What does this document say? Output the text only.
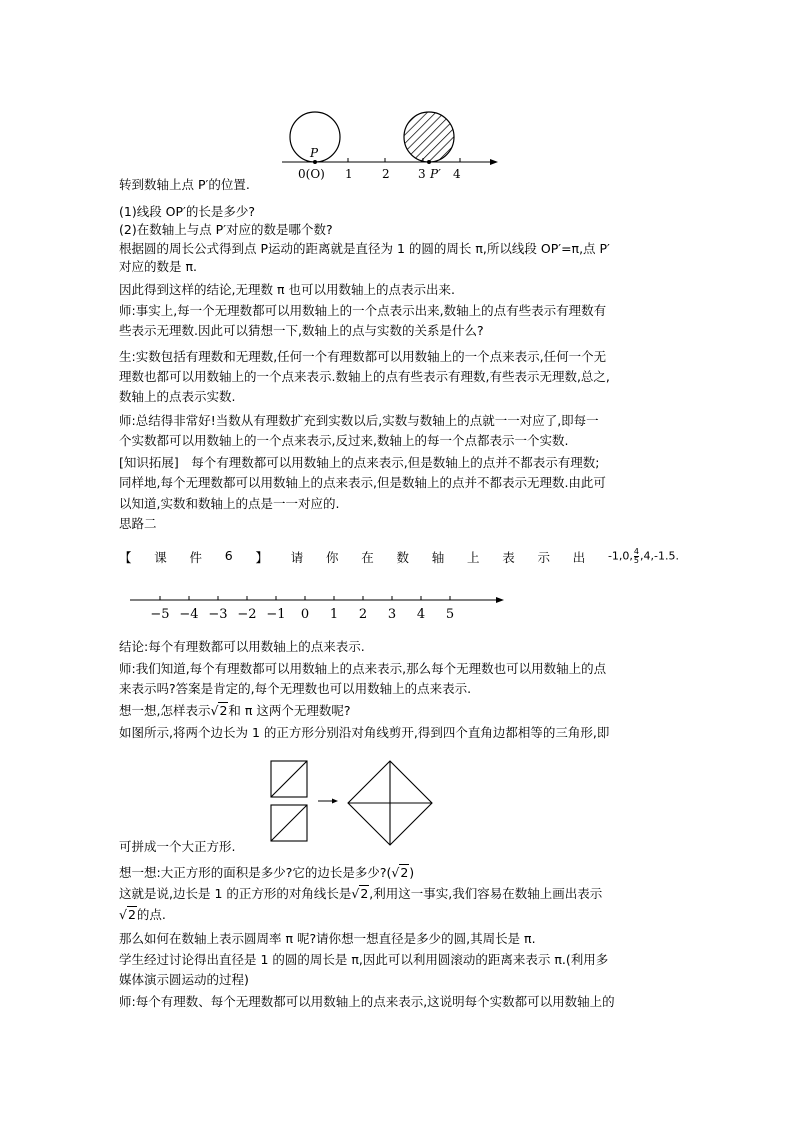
P
0(O) 1 2 3 P′ 4
转到数轴上点 P′的位置.
(1)线段 OP′的长是多少?
(2)在数轴上与点 P′对应的数是哪个数?
根据圆的周长公式得到点 P运动的距离就是直径为 1 的圆的周长 π,所以线段 OP′=π,点 P′
对应的数是 π.
因此得到这样的结论,无理数 π 也可以用数轴上的点表示出来.
师:事实上,每一个无理数都可以用数轴上的一个点表示出来,数轴上的点有些表示有理数有
些表示无理数.因此可以猜想一下,数轴上的点与实数的关系是什么?
生:实数包括有理数和无理数,任何一个有理数都可以用数轴上的一个点来表示,任何一个无
理数也都可以用数轴上的一个点来表示.数轴上的点有些表示有理数,有些表示无理数,总之,
数轴上的点表示实数.
师:总结得非常好!当数从有理数扩充到实数以后,实数与数轴上的点就一一对应了,即每一
个实数都可以用数轴上的一个点来表示,反过来,数轴上的每一个点都表示一个实数.
[知识拓展]　每个有理数都可以用数轴上的点来表示,但是数轴上的点并不都表示有理数;
同样地,每个无理数都可以用数轴上的点来表示,但是数轴上的点并不都表示无理数.由此可
以知道,实数和数轴上的点是一一对应的.
思路二
【 课 件 6 】 请 你 在 数 轴 上 表 示 出 -1,0, $\frac{4}{5} ,4,-1.5$.
−5 −4 −3 −2 −1 0 1 2 3 4 5
结论:每个有理数都可以用数轴上的点来表示.
师:我们知道,每个有理数都可以用数轴上的点来表示,那么每个无理数也可以用数轴上的点
来表示吗?答案是肯定的,每个无理数也可以用数轴上的点来表示.
想一想,怎样表示√2和 π 这两个无理数呢?
如图所示,将两个边长为 1 的正方形分别沿对角线剪开,得到四个直角边都相等的三角形,即
可拼成一个大正方形.
想一想:大正方形的面积是多少?它的边长是多少?(√2)
这就是说,边长是 1 的正方形的对角线长是√2,利用这一事实,我们容易在数轴上画出表示
√2的点.
那么如何在数轴上表示圆周率 π 呢?请你想一想直径是多少的圆,其周长是 π.
学生经过讨论得出直径是 1 的圆的周长是 π,因此可以利用圆滚动的距离来表示 π.(利用多
媒体演示圆运动的过程)
师:每个有理数、每个无理数都可以用数轴上的点来表示,这说明每个实数都可以用数轴上的
